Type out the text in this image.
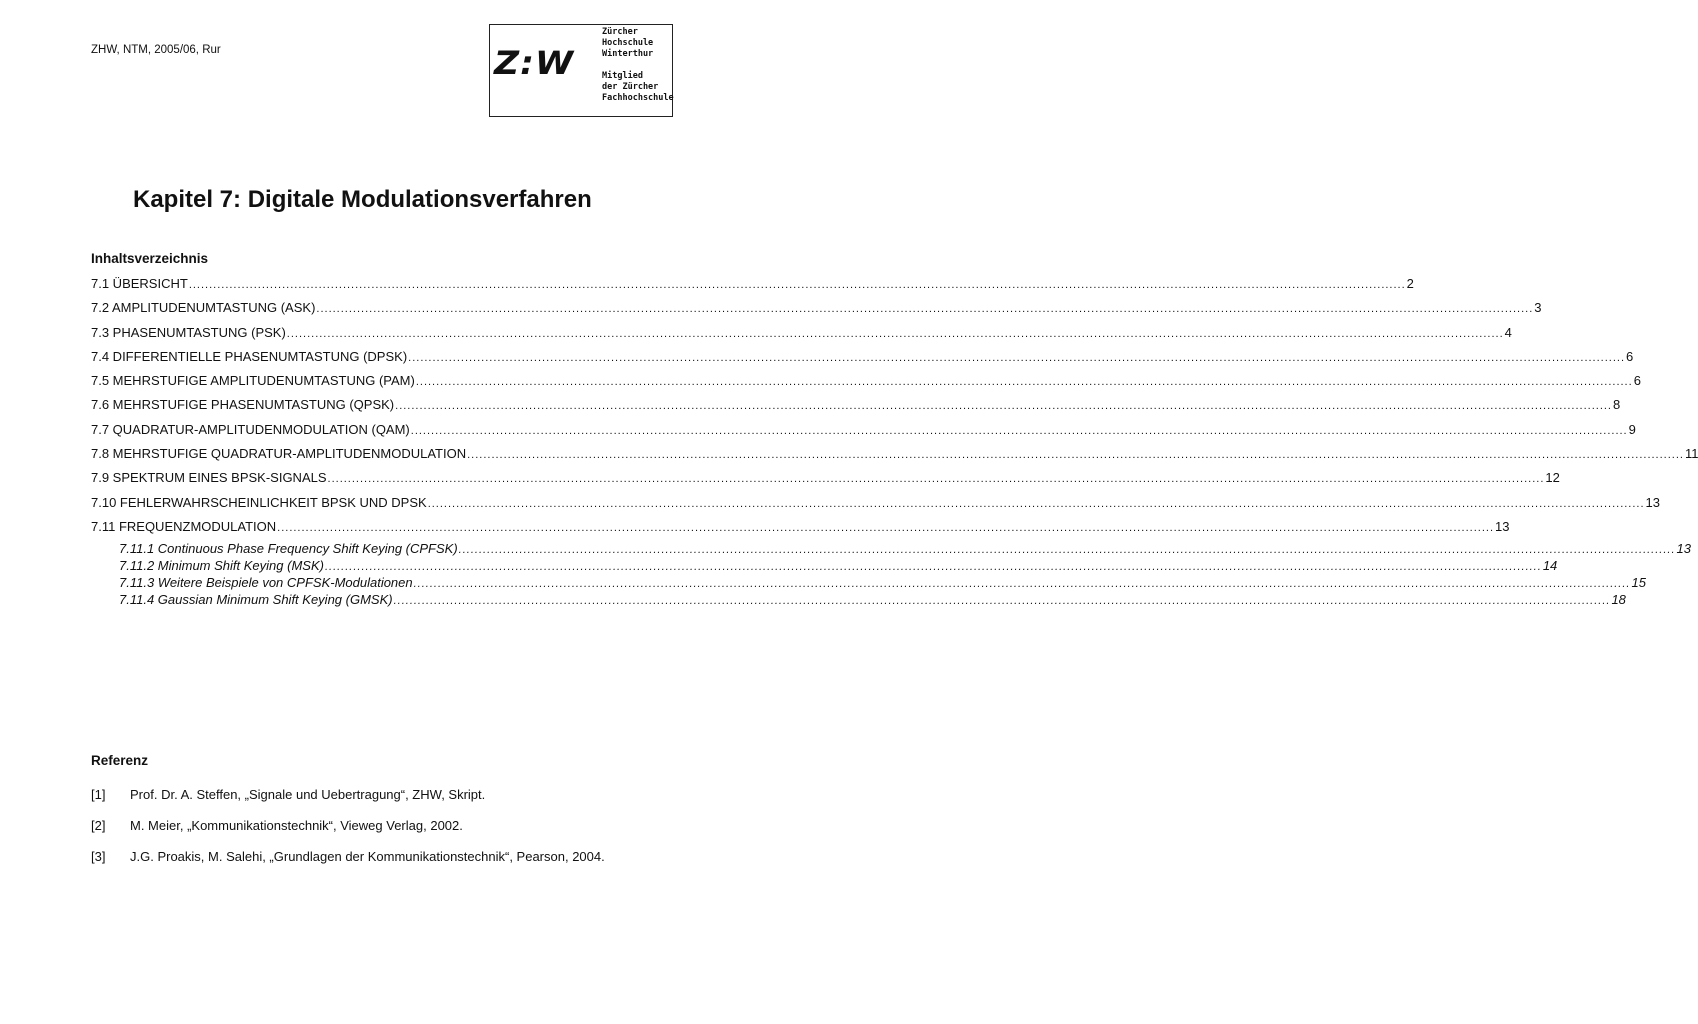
ZHW, NTM, 2005/06, Rur	Z:W
Zürcher
Hochschule
Winterthur
Mitglied
der Zürcher
Fachhochschule
Kapitel 7: Digitale Modulationsverfahren
Inhaltsverzeichnis
7.1 ÜBERSICHT ............................................................................................................................................................................................................................................................................................................ 2
7.2 AMPLITUDENUMTASTUNG (ASK) ............................................................................................................................................................................................................................................................................................................ 3
7.3 PHASENUMTASTUNG (PSK) ............................................................................................................................................................................................................................................................................................................ 4
7.4 DIFFERENTIELLE PHASENUMTASTUNG (DPSK) ............................................................................................................................................................................................................................................................................................................ 6
7.5 MEHRSTUFIGE AMPLITUDENUMTASTUNG (PAM) ............................................................................................................................................................................................................................................................................................................ 6
7.6 MEHRSTUFIGE PHASENUMTASTUNG (QPSK) ............................................................................................................................................................................................................................................................................................................ 8
7.7 QUADRATUR-AMPLITUDENMODULATION (QAM) ............................................................................................................................................................................................................................................................................................................ 9
7.8 MEHRSTUFIGE QUADRATUR-AMPLITUDENMODULATION ............................................................................................................................................................................................................................................................................................................ 11
7.9 SPEKTRUM EINES BPSK-SIGNALS ............................................................................................................................................................................................................................................................................................................ 12
7.10 FEHLERWAHRSCHEINLICHKEIT BPSK UND DPSK ............................................................................................................................................................................................................................................................................................................ 13
7.11 FREQUENZMODULATION ............................................................................................................................................................................................................................................................................................................ 13
7.11.1 Continuous Phase Frequency Shift Keying (CPFSK) ............................................................................................................................................................................................................................................................................................................ 13
7.11.2 Minimum Shift Keying (MSK) ............................................................................................................................................................................................................................................................................................................ 14
7.11.3 Weitere Beispiele von CPFSK-Modulationen ............................................................................................................................................................................................................................................................................................................ 15
7.11.4 Gaussian Minimum Shift Keying (GMSK) ............................................................................................................................................................................................................................................................................................................ 18
Referenz
[1]	Prof. Dr. A. Steffen, „Signale und Uebertragung“, ZHW, Skript.
[2]	M. Meier, „Kommunikationstechnik“, Vieweg Verlag, 2002.
[3]	J.G. Proakis, M. Salehi, „Grundlagen der Kommunikationstechnik“, Pearson, 2004.
